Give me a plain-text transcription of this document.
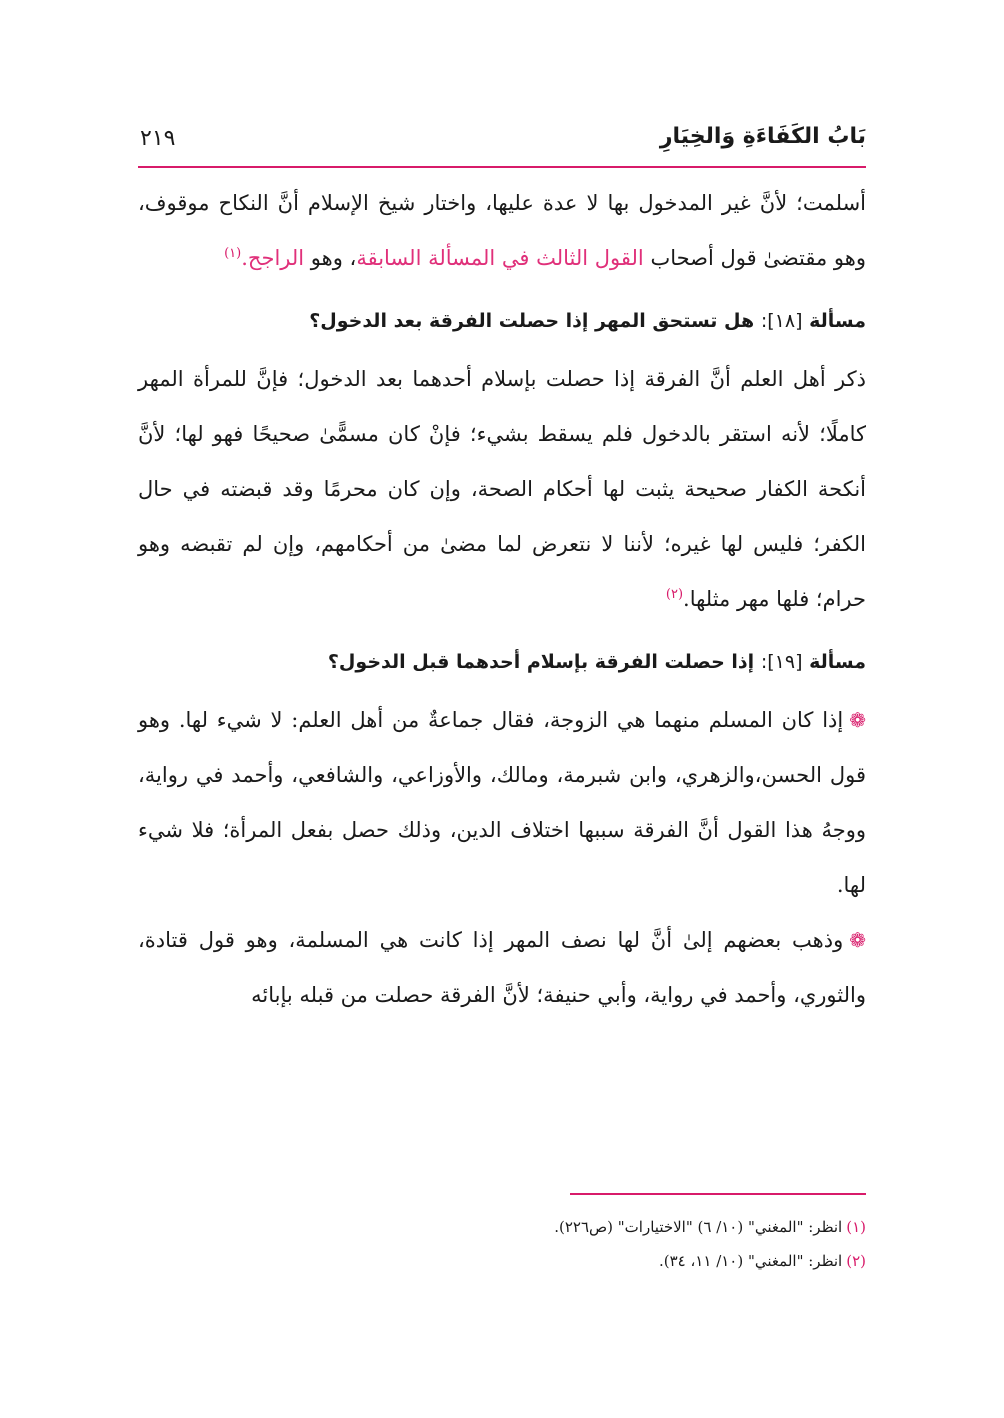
بَابُ الكَفَاءَةِ وَالخِيَارِ
٢١٩

أسلمت؛ لأنَّ غير المدخول بها لا عدة عليها، واختار شيخ الإسلام أنَّ النكاح موقوف، وهو مقتضىٰ قول أصحاب القول الثالث في المسألة السابقة، وهو الراجح.$^{(١)}$

مسألة [١٨]: هل تستحق المهر إذا حصلت الفرقة بعد الدخول؟

ذكر أهل العلم أنَّ الفرقة إذا حصلت بإسلام أحدهما بعد الدخول؛ فإنَّ للمرأة المهر كاملًا؛ لأنه استقر بالدخول فلم يسقط بشيء؛ فإنْ كان مسمًّىٰ صحيحًا فهو لها؛ لأنَّ أنكحة الكفار صحيحة يثبت لها أحكام الصحة، وإن كان محرمًا وقد قبضته في حال الكفر؛ فليس لها غيره؛ لأننا لا نتعرض لما مضىٰ من أحكامهم، وإن لم تقبضه وهو حرام؛ فلها مهر مثلها.$^{(٢)}$

مسألة [١٩]: إذا حصلت الفرقة بإسلام أحدهما قبل الدخول؟

❁إذا كان المسلم منهما هي الزوجة، فقال جماعةٌ من أهل العلم: لا شيء لها. وهو قول الحسن،والزهري، وابن شبرمة، ومالك، والأوزاعي، والشافعي، وأحمد في رواية، ووجهُ هذا القول أنَّ الفرقة سببها اختلاف الدين، وذلك حصل بفعل المرأة؛ فلا شيء لها.

❁وذهب بعضهم إلىٰ أنَّ لها نصف المهر إذا كانت هي المسلمة، وهو قول قتادة، والثوري، وأحمد في رواية، وأبي حنيفة؛ لأنَّ الفرقة حصلت من قبله بإبائه

(١)انظر: "المغني" (١٠/ ٦) "الاختيارات" (ص٢٢٦).

(٢)انظر: "المغني" (١٠/ ١١، ٣٤).
